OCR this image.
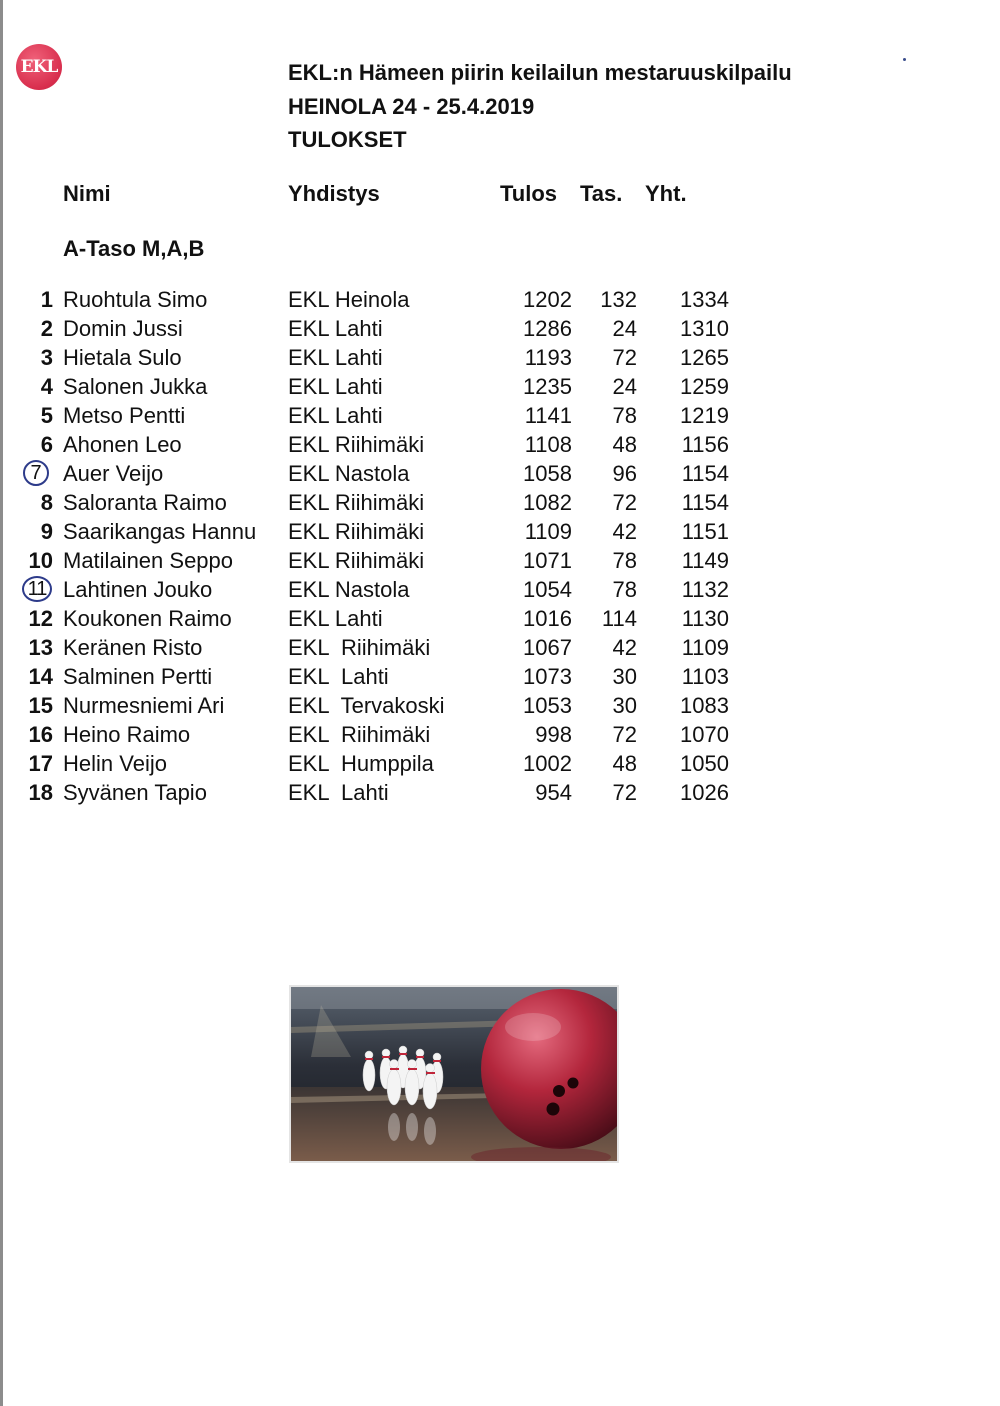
EKL	EKL:n Hämeen piirin keilailun mestaruuskilpailu
HEINOLA 24 - 25.4.2019
TULOKSET
Nimi	Yhdistys	Tulos Tas. Yht.
A-Taso M,A,B
1 Ruohtula Simo	EKL Heinola	1202	132	1334
2 Domin Jussi	EKL Lahti	1286	24	1310
3 Hietala Sulo	EKL Lahti	1193	72	1265
4 Salonen Jukka	EKL Lahti	1235	24	1259
5 Metso Pentti	EKL Lahti	1141	78	1219
6 Ahonen Leo	EKL Riihimäki	1108	48	1156
7 Auer Veijo	EKL Nastola	1058	96	1154
8 Saloranta Raimo	EKL Riihimäki	1082	72	1154
9 Saarikangas Hannu EKL Riihimäki	1109	42	1151
10 Matilainen Seppo EKL Riihimäki	1071	78	1149
11 Lahtinen Jouko	EKL Nastola	1054	78	1132
12 Koukonen Raimo	EKL Lahti	1016	114	1130
13 Keränen Risto	EKL  Riihimäki	1067	42	1109
14 Salminen Pertti	EKL  Lahti	1073	30	1103
15 Nurmesniemi Ari	EKL  Tervakoski	1053	30	1083
16 Heino Raimo	EKL  Riihimäki	998	72	1070
17 Helin Veijo	EKL  Humppila	1002	48	1050
18 Syvänen Tapio	EKL  Lahti	954	72	1026
